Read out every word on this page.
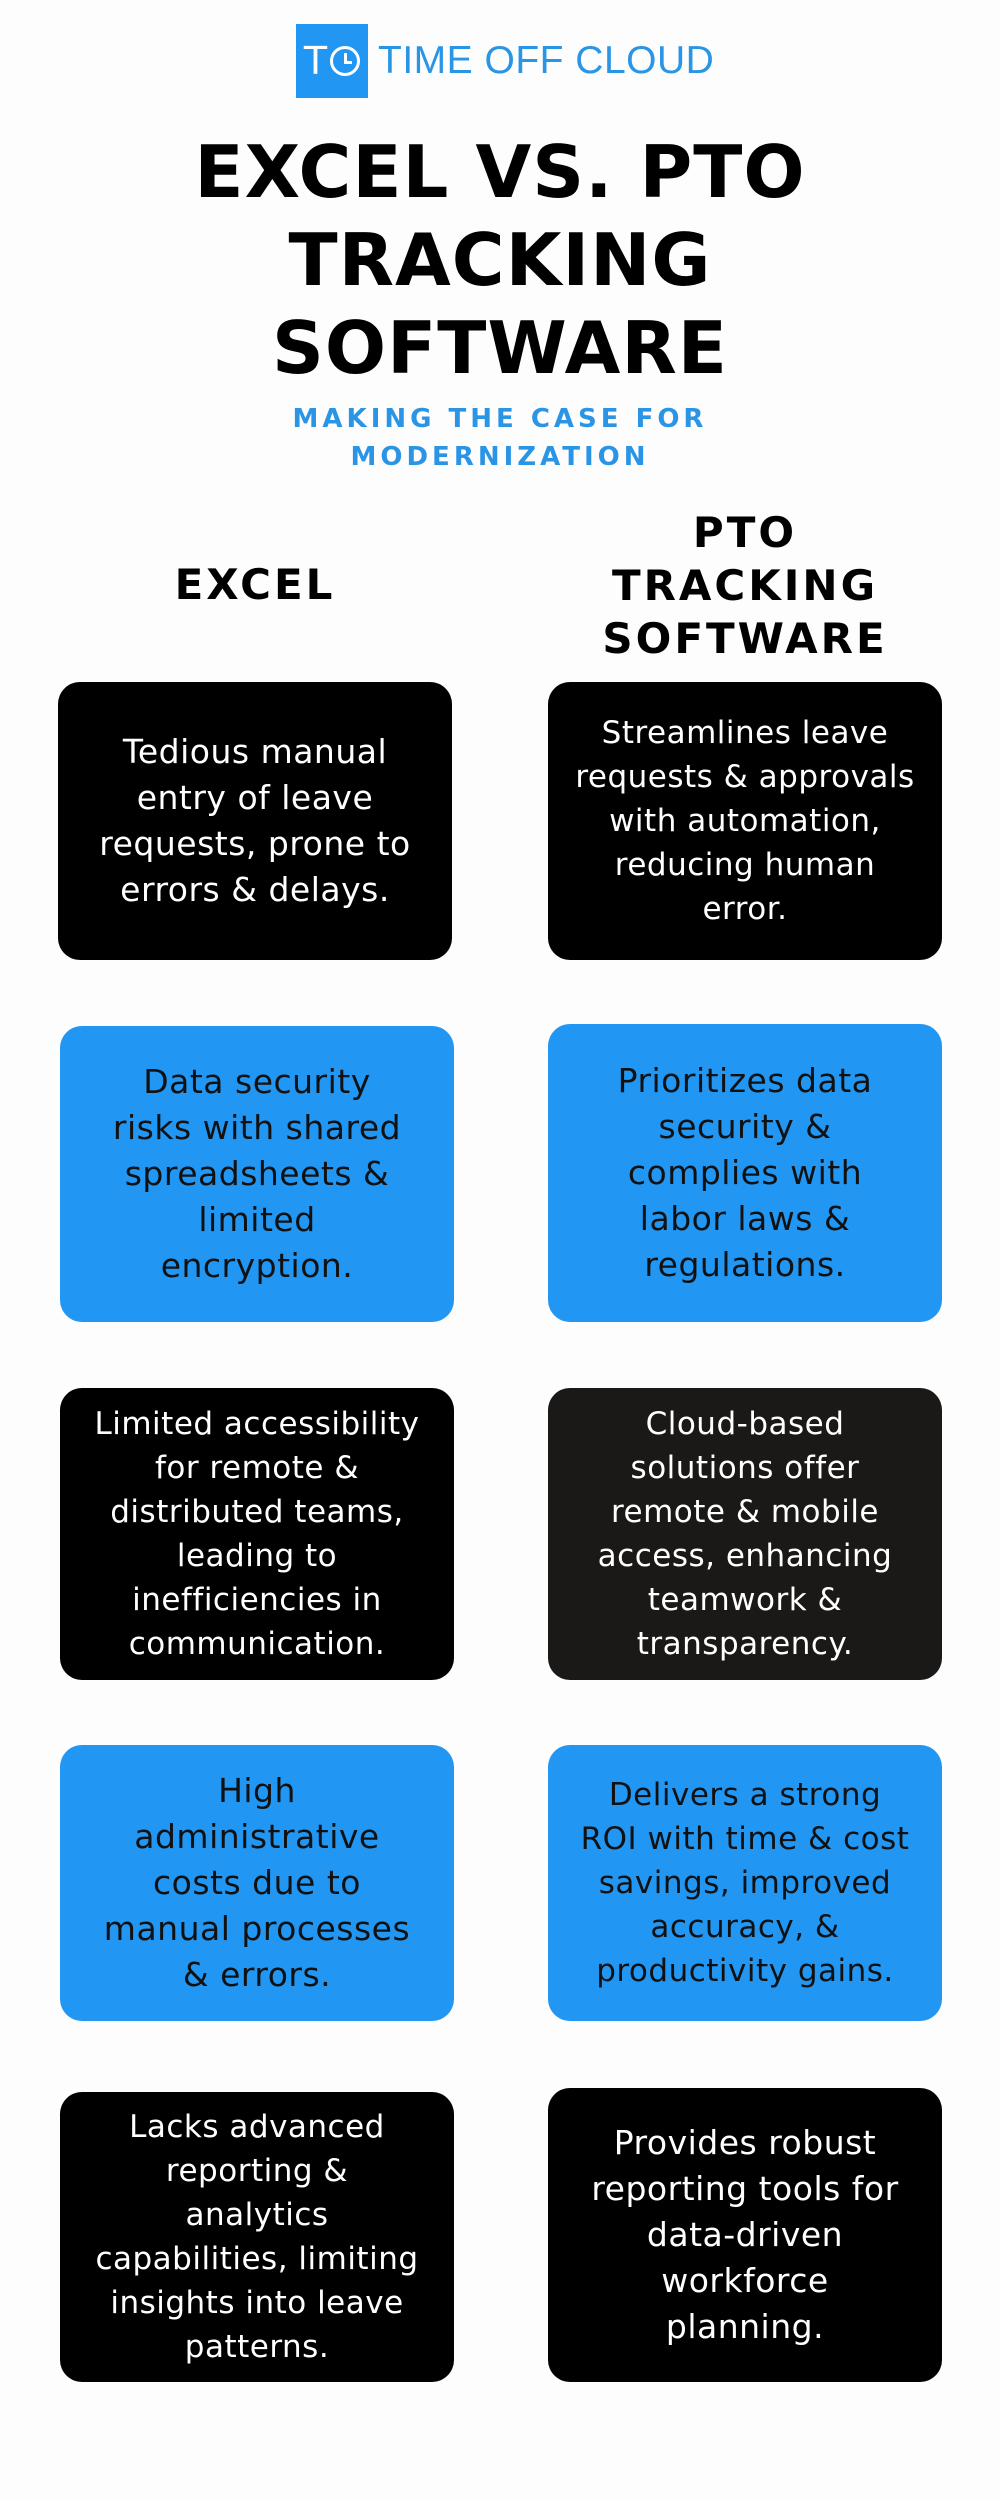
T TIME OFF CLOUD
EXCEL VS. PTO
TRACKING
SOFTWARE
MAKING THE CASE FOR
MODERNIZATION
EXCEL
PTO
TRACKING
SOFTWARE
Tedious manual
entry of leave
requests, prone to
errors & delays.
Streamlines leave
requests & approvals
with automation,
reducing human
error.
Data security
risks with shared
spreadsheets &
limited
encryption.
Prioritizes data
security &
complies with
labor laws &
regulations.
Limited accessibility
for remote &
distributed teams,
leading to
inefficiencies in
communication.
Cloud-based
solutions offer
remote & mobile
access, enhancing
teamwork &
transparency.
High
administrative
costs due to
manual processes
& errors.
Delivers a strong
ROI with time & cost
savings, improved
accuracy, &
productivity gains.
Lacks advanced
reporting &
analytics
capabilities, limiting
insights into leave
patterns.
Provides robust
reporting tools for
data-driven
workforce
planning.
